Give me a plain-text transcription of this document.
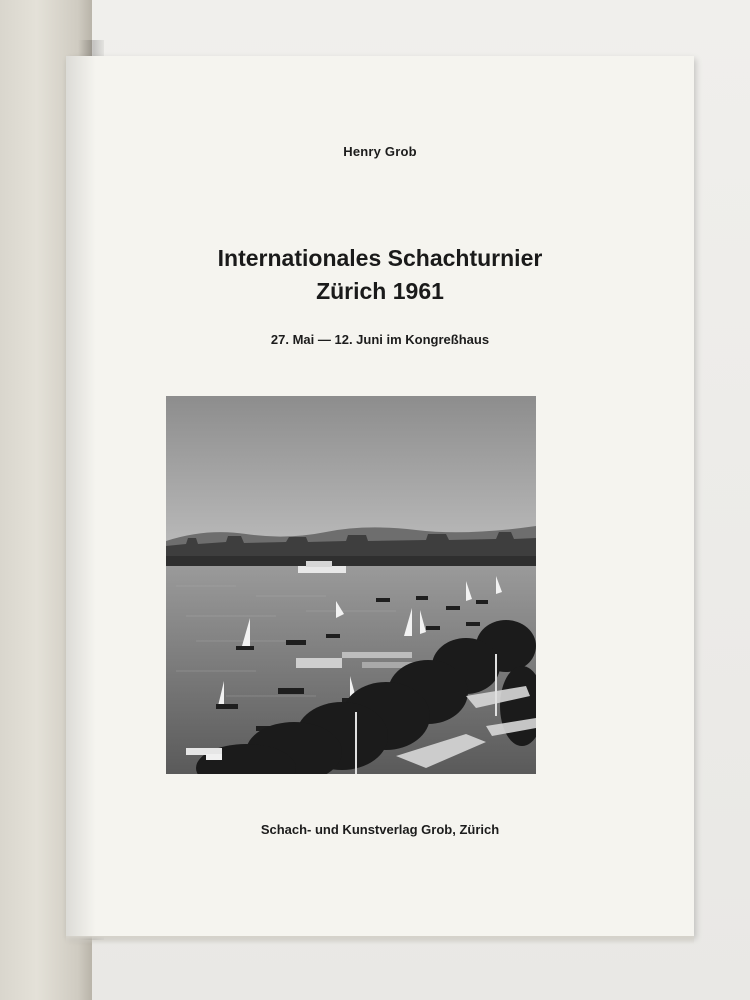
Henry Grob
Internationales Schachturnier
Zürich 1961
27. Mai — 12. Juni im Kongreßhaus
Schach- und Kunstverlag Grob, Zürich
